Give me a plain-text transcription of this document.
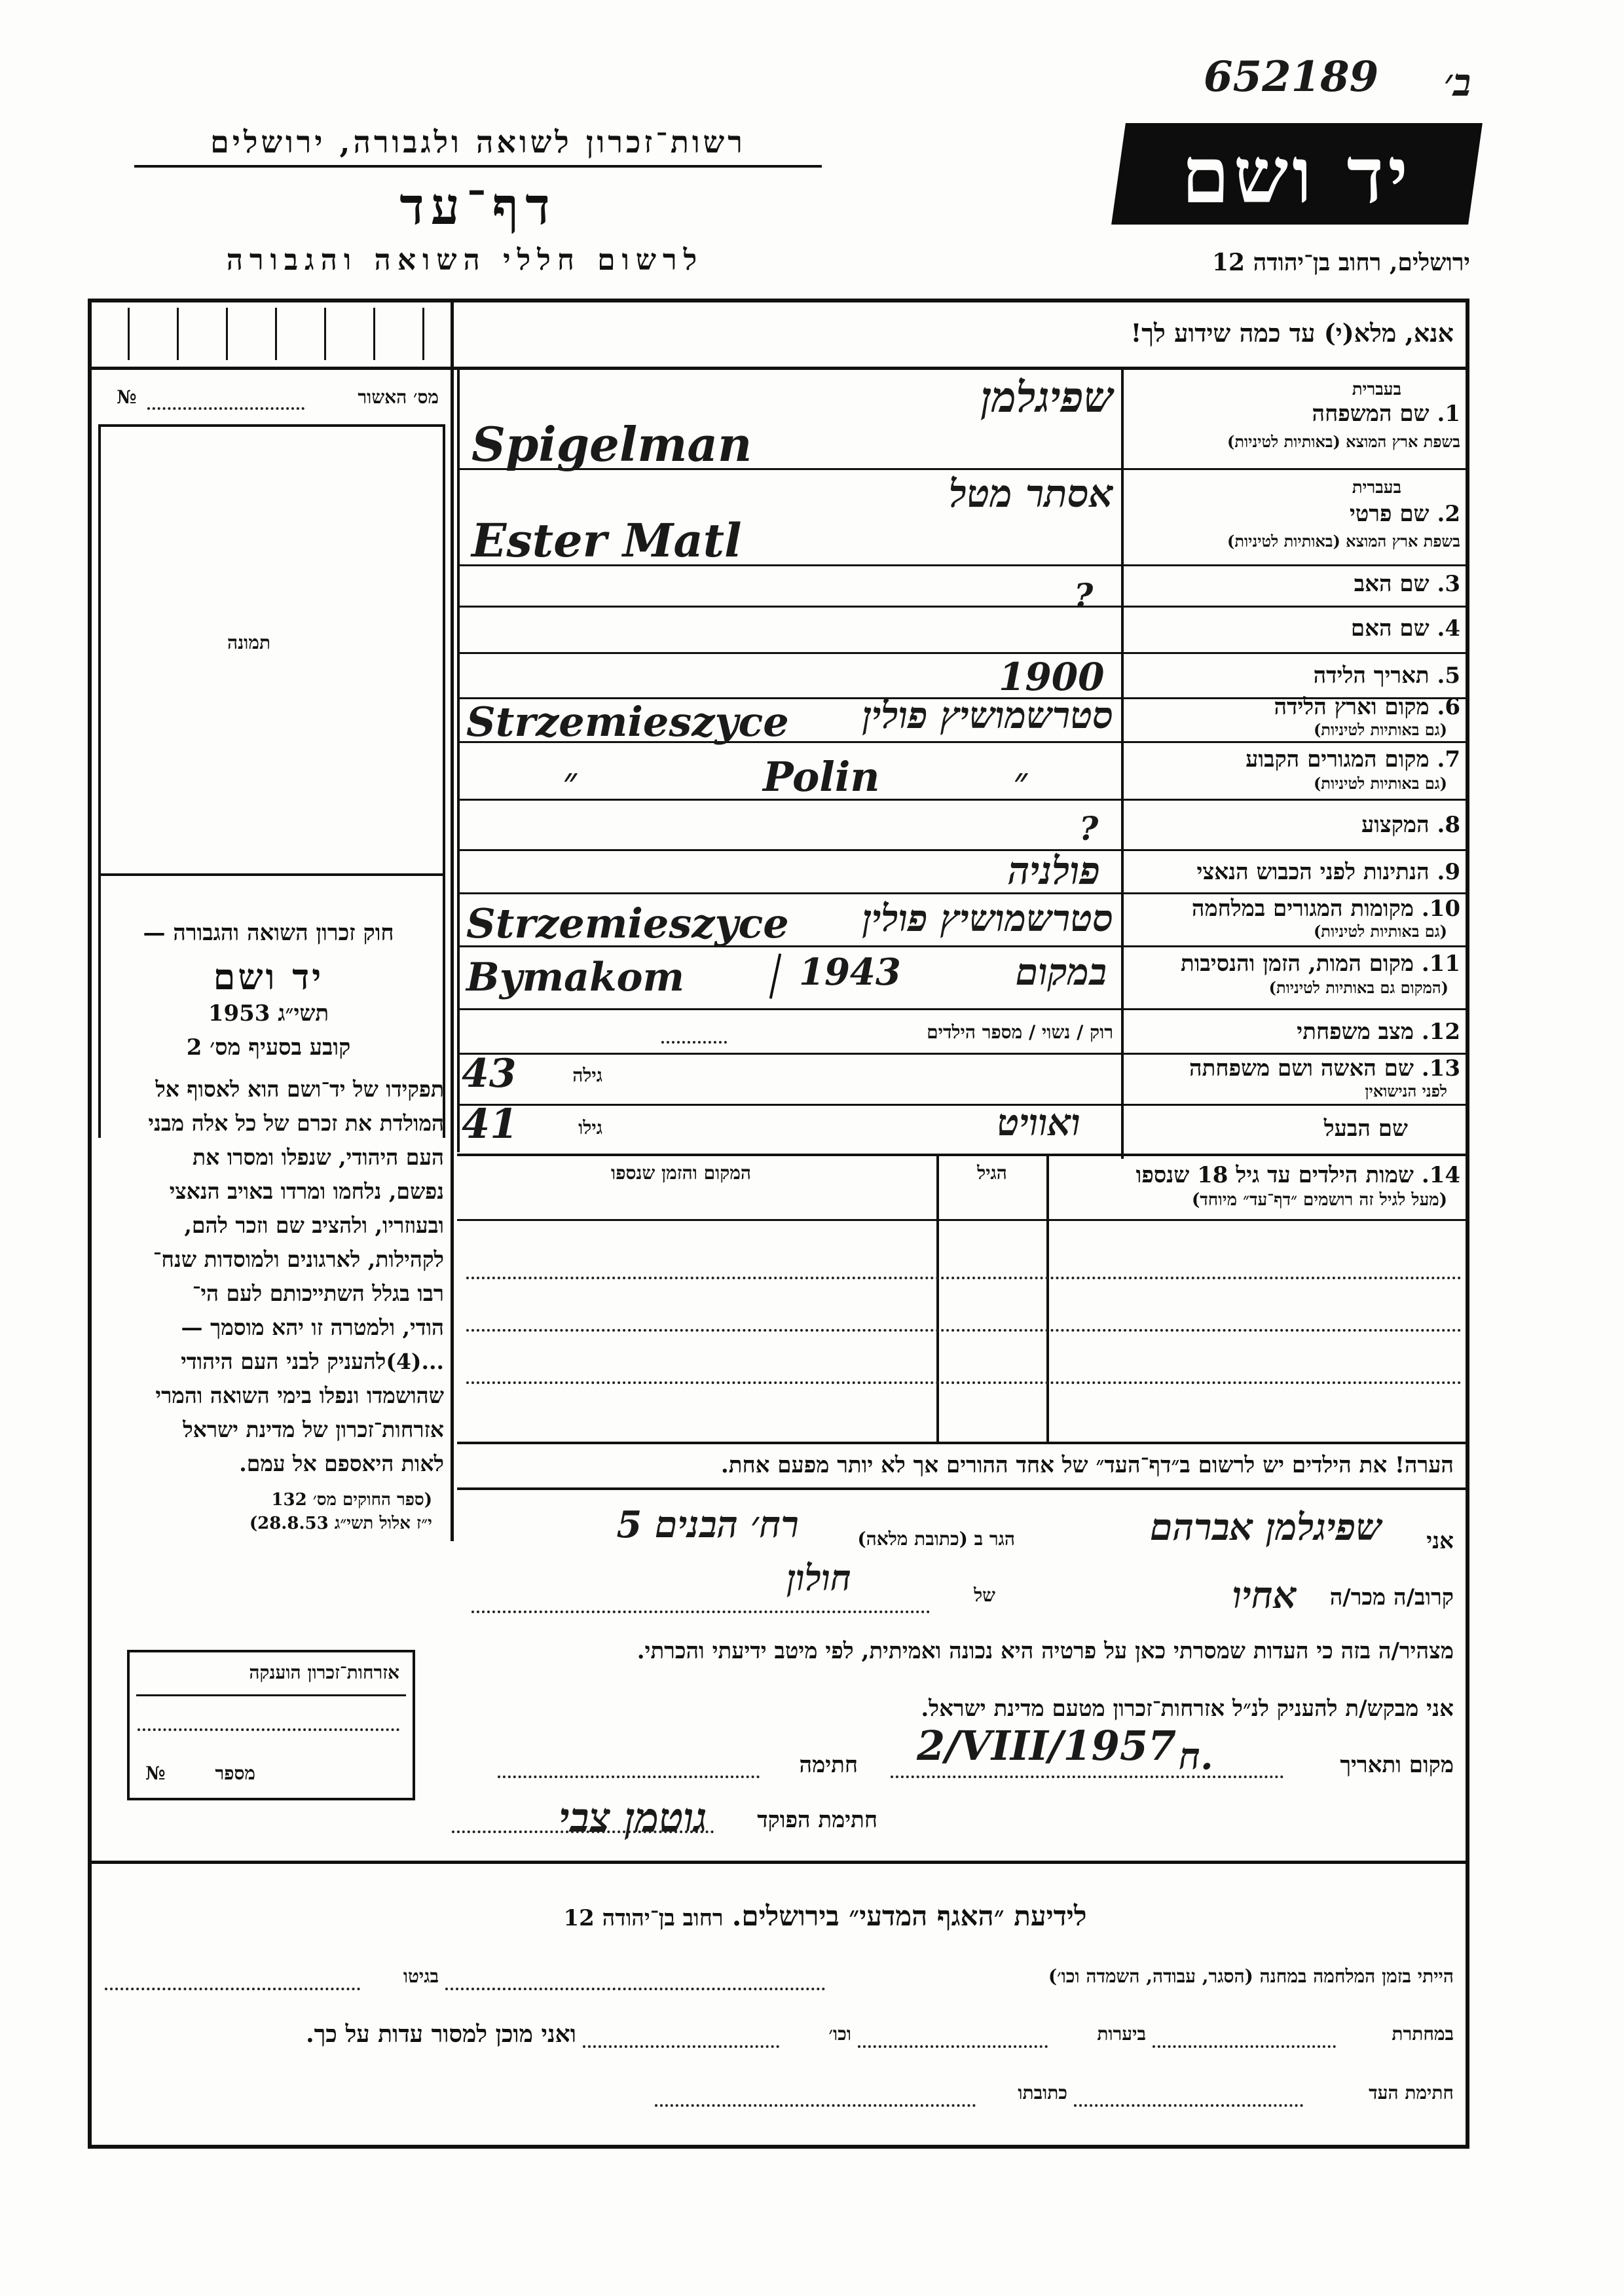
652189 ב׳
רשות־זכרון לשואה ולגבורה, ירושלים
דף־עד
לרשום חללי השואה והגבורה
יד ושם
ירושלים, רחוב בן־יהודה 12
אנא, מלא(י) עד כמה שידוע לך!
מס׳ האשור
№
תמונה
חוק זכרון השואה והגבורה —
יד ושם
תשי״ג 1953
קובע בסעיף מס׳ 2
תפקידו של יד־ושם הוא לאסוף אל
המולדת את זכרם של כל אלה מבני
העם היהודי, שנפלו ומסרו את
נפשם, נלחמו ומרדו באויב הנאצי
ובעוזריו, ולהציב שם וזכר להם,
לקהילות, לארגונים ולמוסדות שנח־
רבו בגלל השתייכותם לעם הי־
הודי, ולמטרה זו יהא מוסמך —
...(4)להעניק לבני העם היהודי
שהושמדו ונפלו בימי השואה והמרי
אזרחות־זכרון של מדינת ישראל
לאות היאספם אל עמם.
(ספר החוקים מס׳ 132
י״ז אלול תשי״ג 28.8.53)
1. שם המשפחה
בעברית
בשפת ארץ המוצא (באותיות לטיניות)
שפיגלמן
Spigelman
בעברית
2. שם פרטי
בשפת ארץ המוצא (באותיות לטיניות)
אסתר מטל
Ester Matl
3. שם האב
?
4. שם האם
5. תאריך הלידה
1900
6. מקום וארץ הלידה
(גם באותיות לטיניות)
סטרשמושיץ פולין
Strzemieszyce
7. מקום המגורים הקבוע
(גם באותיות לטיניות)
״
Polin
״
8. המקצוע
?
9. הנתינות לפני הכבוש הנאצי
פולניה
10. מקומות המגורים במלחמה
(גם באותיות לטיניות)
סטרשמושיץ פולין
Strzemieszyce
11. מקום המות, הזמן והנסיבות
(המקום גם באותיות לטיניות)
במקום
1943
Bymakom
12. מצב משפחתי
רוק / נשוי / מספר הילדים
13. שם האשה ושם משפחתה
לפני הנישואין
גילה
43
שם הבעל
ואוויט
גילו
41
14. שמות הילדים עד גיל 18 שנספו
(מעל לגיל זה רושמים ״דף־עד״ מיוחד)
הגיל
המקום והזמן שנספו
הערה! את הילדים יש לרשום ב״דף־העד״ של אחד ההורים אך לא יותר מפעם אחת.
אני
שפיגלמן אברהם
הגר ב (כתובת מלאה)
רח׳ הבנים 5
חולון	קרוב/ה מכר/ה
אחיו
של
מצהיר/ה בזה כי העדות שמסרתי כאן על פרטיה היא נכונה ואמיתית, לפי מיטב ידיעתי והכרתי.
אני מבקש/ת להעניק לנ״ל אזרחות־זכרון מטעם מדינת ישראל.
מקום ותאריך
ח.
2/VIII/1957
חתימה
חתימת הפוקד
גוטמן צבי
אזרחות־זכרון הוענקה
מספר
№
לידיעת ״האגף המדעי״ בירושלים. רחוב בן־יהודה 12
הייתי בזמן המלחמה במחנה (הסגר, עבודה, השמדה וכו׳)
בגיטו
במחתרת
ביערות
וכו׳
ואני מוכן למסור עדות על כך.
חתימת העד
כתובתו
